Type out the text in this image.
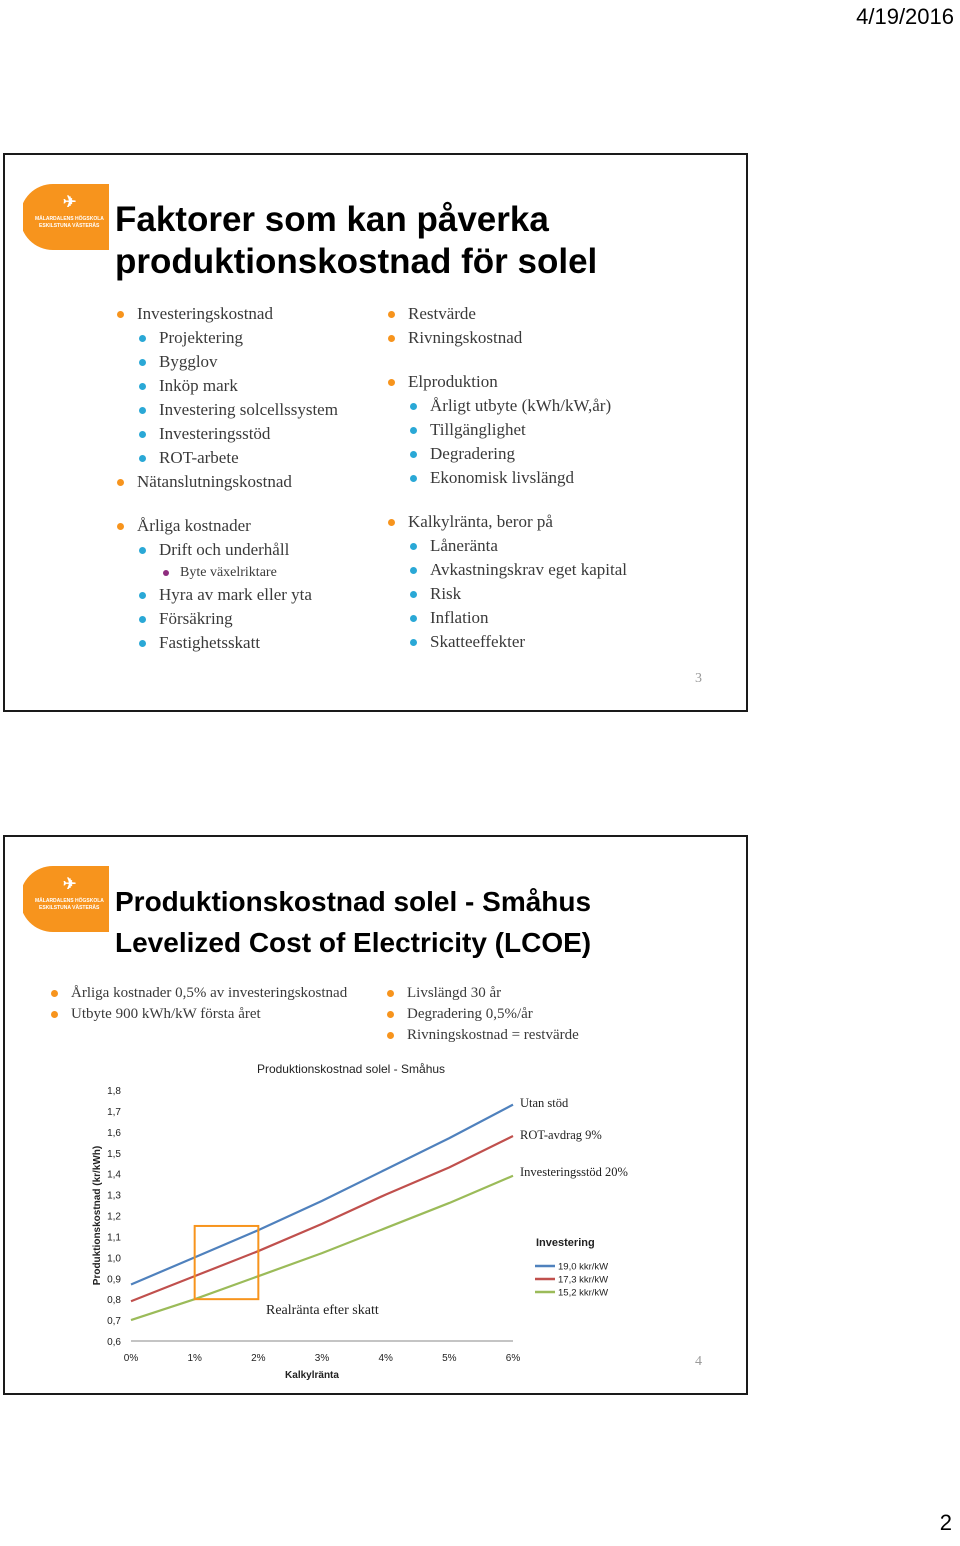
4/19/2016
✈
MÄLARDALENS HÖGSKOLA
ESKILSTUNA VÄSTERÅS Faktorer som kan påverka
produktionskostnad för solel
Investeringskostnad
Projektering
Bygglov
Inköp mark
Investering solcellssystem
Investeringsstöd
ROT-arbete
Nätanslutningskostnad
Årliga kostnader
Drift och underhåll
Byte växelriktare
Hyra av mark eller yta
Försäkring
Fastighetsskatt
Restvärde
Rivningskostnad
Elproduktion
Årligt utbyte (kWh/kW,år)
Tillgänglighet
Degradering
Ekonomisk livslängd
Kalkylränta, beror på
Låneränta
Avkastningskrav eget kapital
Risk
Inflation
Skatteeffekter
3
✈
MÄLARDALENS HÖGSKOLA
ESKILSTUNA VÄSTERÅS Produktionskostnad solel - Småhus
Levelized Cost of Electricity (LCOE)
Årliga kostnader 0,5% av investeringskostnad
Utbyte 900 kWh/kW första året
Livslängd 30 år
Degradering 0,5%/år
Rivningskostnad = restvärde
Produktionskostnad solel - Småhus
0,6
0,7
0,8
0,9
1,0
1,1
1,2
1,3
1,4
1,5
1,6
1,7
1,8
0%	1%	2%	3%	4%	5%	6%
Produktionskostnad (kr/kWh)
Kalkylränta
Utan stöd
ROT-avdrag 9%
Investeringsstöd 20%
Realränta efter skatt
Investering
19,0 kkr/kW
17,3 kkr/kW
15,2 kkr/kW
4
2
